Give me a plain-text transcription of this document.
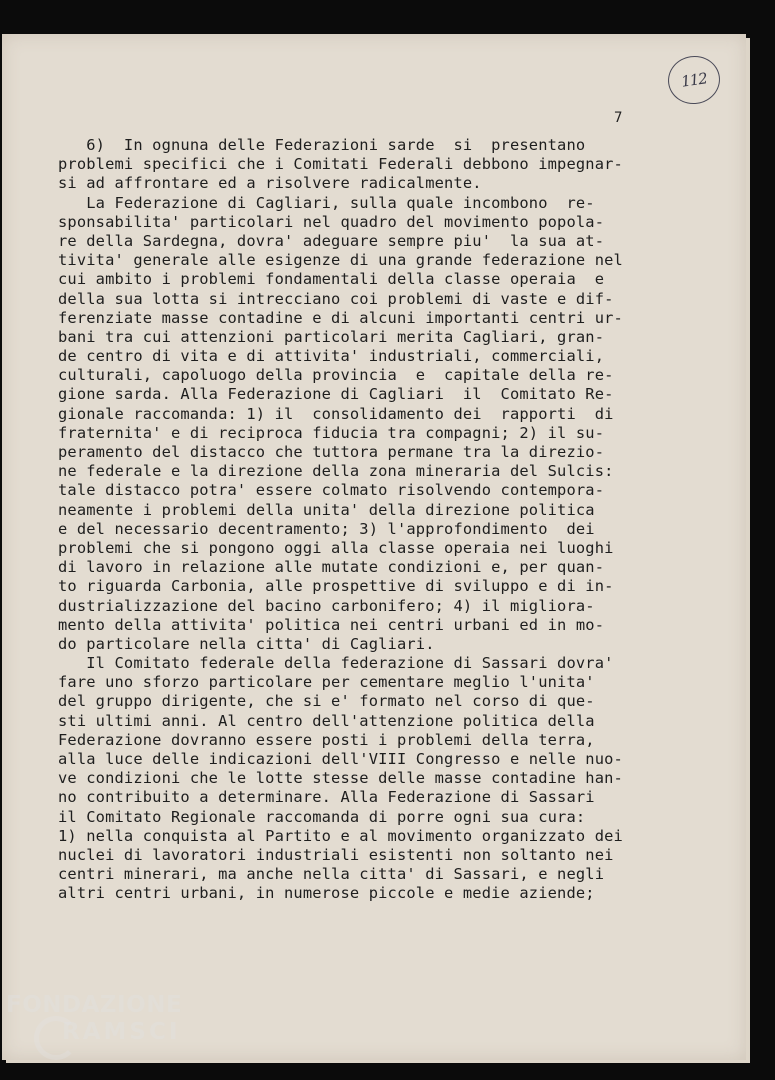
112
7
6)  In ognuna delle Federazioni sarde  si  presentano
problemi specifici che i Comitati Federali debbono impegnar-
si ad affrontare ed a risolvere radicalmente.
La Federazione di Cagliari, sulla quale incombono  re-
sponsabilita' particolari nel quadro del movimento popola-
re della Sardegna, dovra' adeguare sempre piu'  la sua at-
tivita' generale alle esigenze di una grande federazione nel
cui ambito i problemi fondamentali della classe operaia  e
della sua lotta si intrecciano coi problemi di vaste e dif-
ferenziate masse contadine e di alcuni importanti centri ur-
bani tra cui attenzioni particolari merita Cagliari, gran-
de centro di vita e di attivita' industriali, commerciali,
culturali, capoluogo della provincia  e  capitale della re-
gione sarda. Alla Federazione di Cagliari  il  Comitato Re-
gionale raccomanda: 1) il  consolidamento dei  rapporti  di
fraternita' e di reciproca fiducia tra compagni; 2) il su-
peramento del distacco che tuttora permane tra la direzio-
ne federale e la direzione della zona mineraria del Sulcis:
tale distacco potra' essere colmato risolvendo contempora-
neamente i problemi della unita' della direzione politica
e del necessario decentramento; 3) l'approfondimento  dei
problemi che si pongono oggi alla classe operaia nei luoghi
di lavoro in relazione alle mutate condizioni e, per quan-
to riguarda Carbonia, alle prospettive di sviluppo e di in-
dustrializzazione del bacino carbonifero; 4) il migliora-
mento della attivita' politica nei centri urbani ed in mo-
do particolare nella citta' di Cagliari.
Il Comitato federale della federazione di Sassari dovra'
fare uno sforzo particolare per cementare meglio l'unita'
del gruppo dirigente, che si e' formato nel corso di que-
sti ultimi anni. Al centro dell'attenzione politica della
Federazione dovranno essere posti i problemi della terra,
alla luce delle indicazioni dell'VIII Congresso e nelle nuo-
ve condizioni che le lotte stesse delle masse contadine han-
no contribuito a determinare. Alla Federazione di Sassari
il Comitato Regionale raccomanda di porre ogni sua cura:
1) nella conquista al Partito e al movimento organizzato dei
nuclei di lavoratori industriali esistenti non soltanto nei
centri minerari, ma anche nella citta' di Sassari, e negli
altri centri urbani, in numerose piccole e medie aziende;
FONDAZIONE
RAMSCI
